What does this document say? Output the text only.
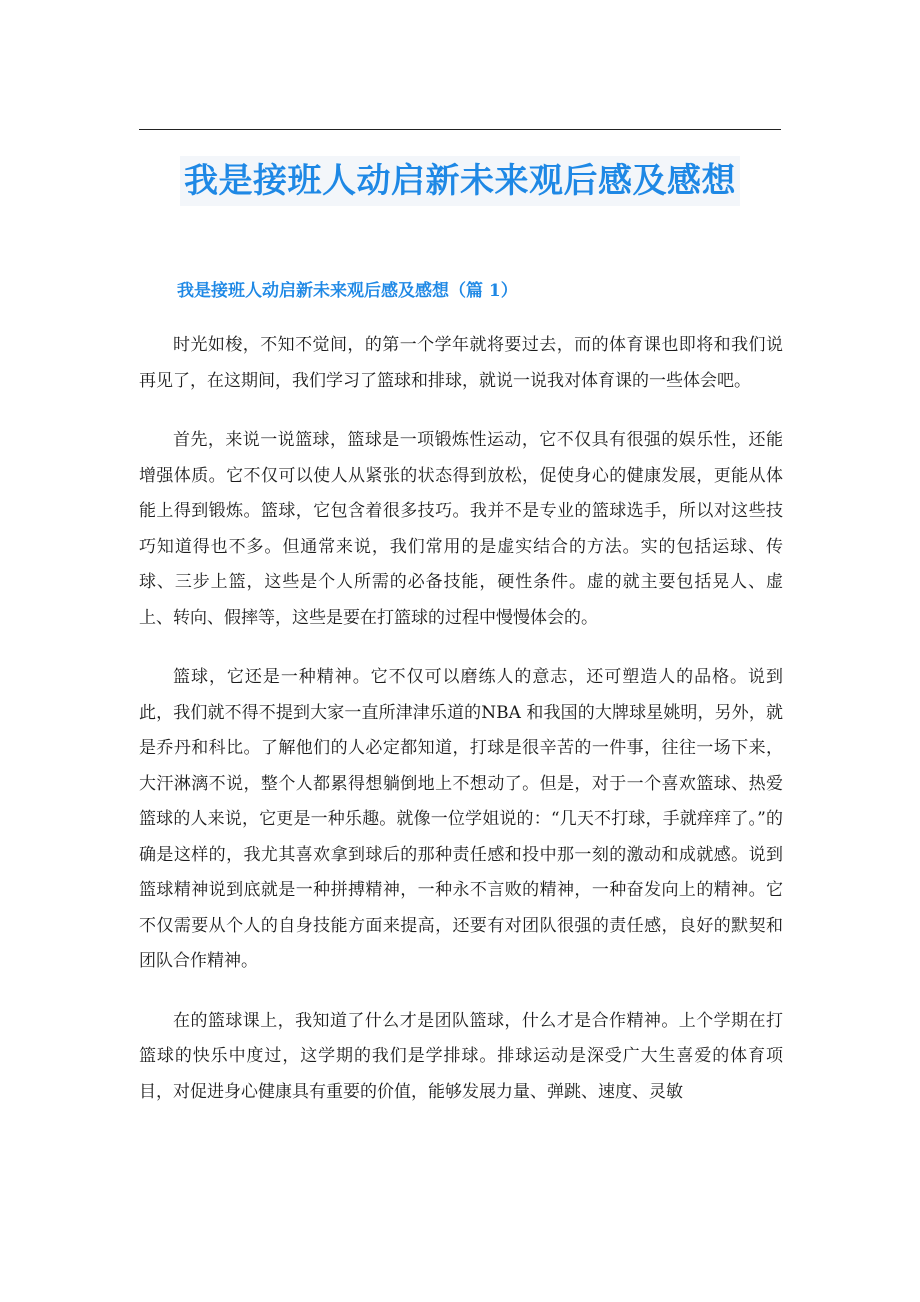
我是接班人动启新未来观后感及感想
我是接班人动启新未来观后感及感想（篇 1）

时光如梭，不知不觉间，的第一个学年就将要过去，而的体育课也即将和我们说再见了，在这期间，我们学习了篮球和排球，就说一说我对体育课的一些体会吧。

首先，来说一说篮球，篮球是一项锻炼性运动，它不仅具有很强的娱乐性，还能增强体质。它不仅可以使人从紧张的状态得到放松，促使身心的健康发展，更能从体能上得到锻炼。篮球，它包含着很多技巧。我并不是专业的篮球选手，所以对这些技巧知道得也不多。但通常来说，我们常用的是虚实结合的方法。实的包括运球、传球、三步上篮，这些是个人所需的必备技能，硬性条件。虚的就主要包括晃人、虚上、转向、假摔等，这些是要在打篮球的过程中慢慢体会的。

篮球，它还是一种精神。它不仅可以磨练人的意志，还可塑造人的品格。说到此，我们就不得不提到大家一直所津津乐道的NBA 和我国的大牌球星姚明，另外，就是乔丹和科比。了解他们的人必定都知道，打球是很辛苦的一件事，往往一场下来，大汗淋漓不说，整个人都累得想躺倒地上不想动了。但是，对于一个喜欢篮球、热爱篮球的人来说，它更是一种乐趣。就像一位学姐说的：“几天不打球，手就痒痒了。”的确是这样的，我尤其喜欢拿到球后的那种责任感和投中那一刻的激动和成就感。说到篮球精神说到底就是一种拼搏精神，一种永不言败的精神，一种奋发向上的精神。它不仅需要从个人的自身技能方面来提高，还要有对团队很强的责任感，良好的默契和团队合作精神。

在的篮球课上，我知道了什么才是团队篮球，什么才是合作精神。上个学期在打篮球的快乐中度过，这学期的我们是学排球。排球运动是深受广大生喜爱的体育项目，对促进身心健康具有重要的价值，能够发展力量、弹跳、速度、灵敏
